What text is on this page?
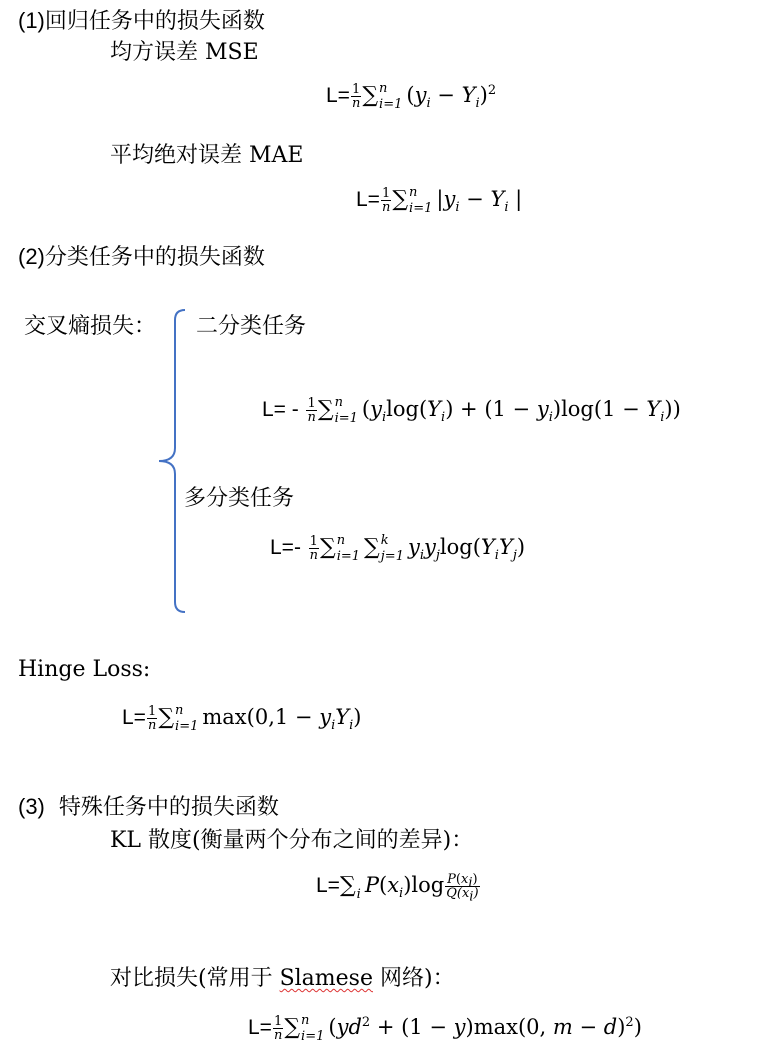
(1)回归任务中的损失函数
均方误差 MSE
$L= \frac{1}{n}$ ∑ n
i=1 $(y_i - Y_i)^2$
平均绝对误差 MAE
$L= \frac{1}{n}$ ∑ n
i=1 $|y_i - Y_i$ |
(2)分类任务中的损失函数
交叉熵损失： 二分类任务
$L= - \frac{1}{n}$ ∑ n
i=1 $(y_i\log(Y_i) + (1 - y_i)\log(1 - Y_i))$
多分类任务
$L=- \frac{1}{n}$ ∑ n
i=1 ∑ k
j=1 $y_iy_j\log(Y_iY_j)$
Hinge Loss:
$L= \frac{1}{n}$ ∑ n
i=1 $\max(0,1 - y_iY_i)$
(3) 特殊任务中的损失函数
KL 散度(衡量两个分布之间的差异)：
L=∑
i $P(x_i)\log \frac{P(x_i)}{Q(x_i)}$
对比损失(常用于 Slamese 网络)：
$L= \frac{1}{n}$ ∑ n
i=1 ($yd^2 + (1 - y)\max(0$, m − d)$^2$)
